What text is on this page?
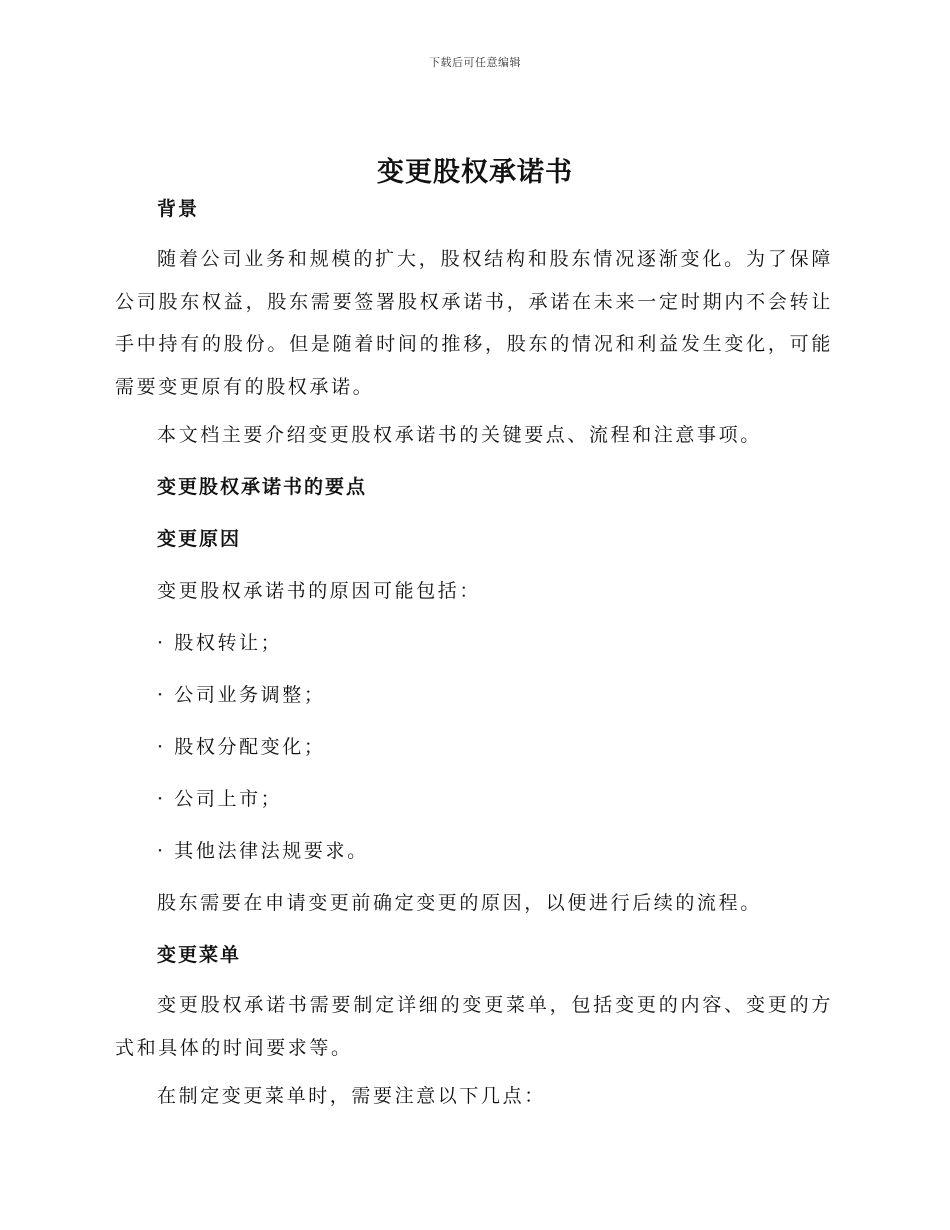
下载后可任意编辑
变更股权承诺书
背景

随着公司业务和规模的扩大，股权结构和股东情况逐渐变化。为了保障公司股东权益，股东需要签署股权承诺书，承诺在未来一定时期内不会转让手中持有的股份。但是随着时间的推移，股东的情况和利益发生变化，可能需要变更原有的股权承诺。

本文档主要介绍变更股权承诺书的关键要点、流程和注意事项。

变更股权承诺书的要点
变更原因

变更股权承诺书的原因可能包括：

· 股权转让；

· 公司业务调整；

· 股权分配变化；

· 公司上市；

· 其他法律法规要求。

股东需要在申请变更前确定变更的原因，以便进行后续的流程。

变更菜单

变更股权承诺书需要制定详细的变更菜单，包括变更的内容、变更的方式和具体的时间要求等。

在制定变更菜单时，需要注意以下几点：
